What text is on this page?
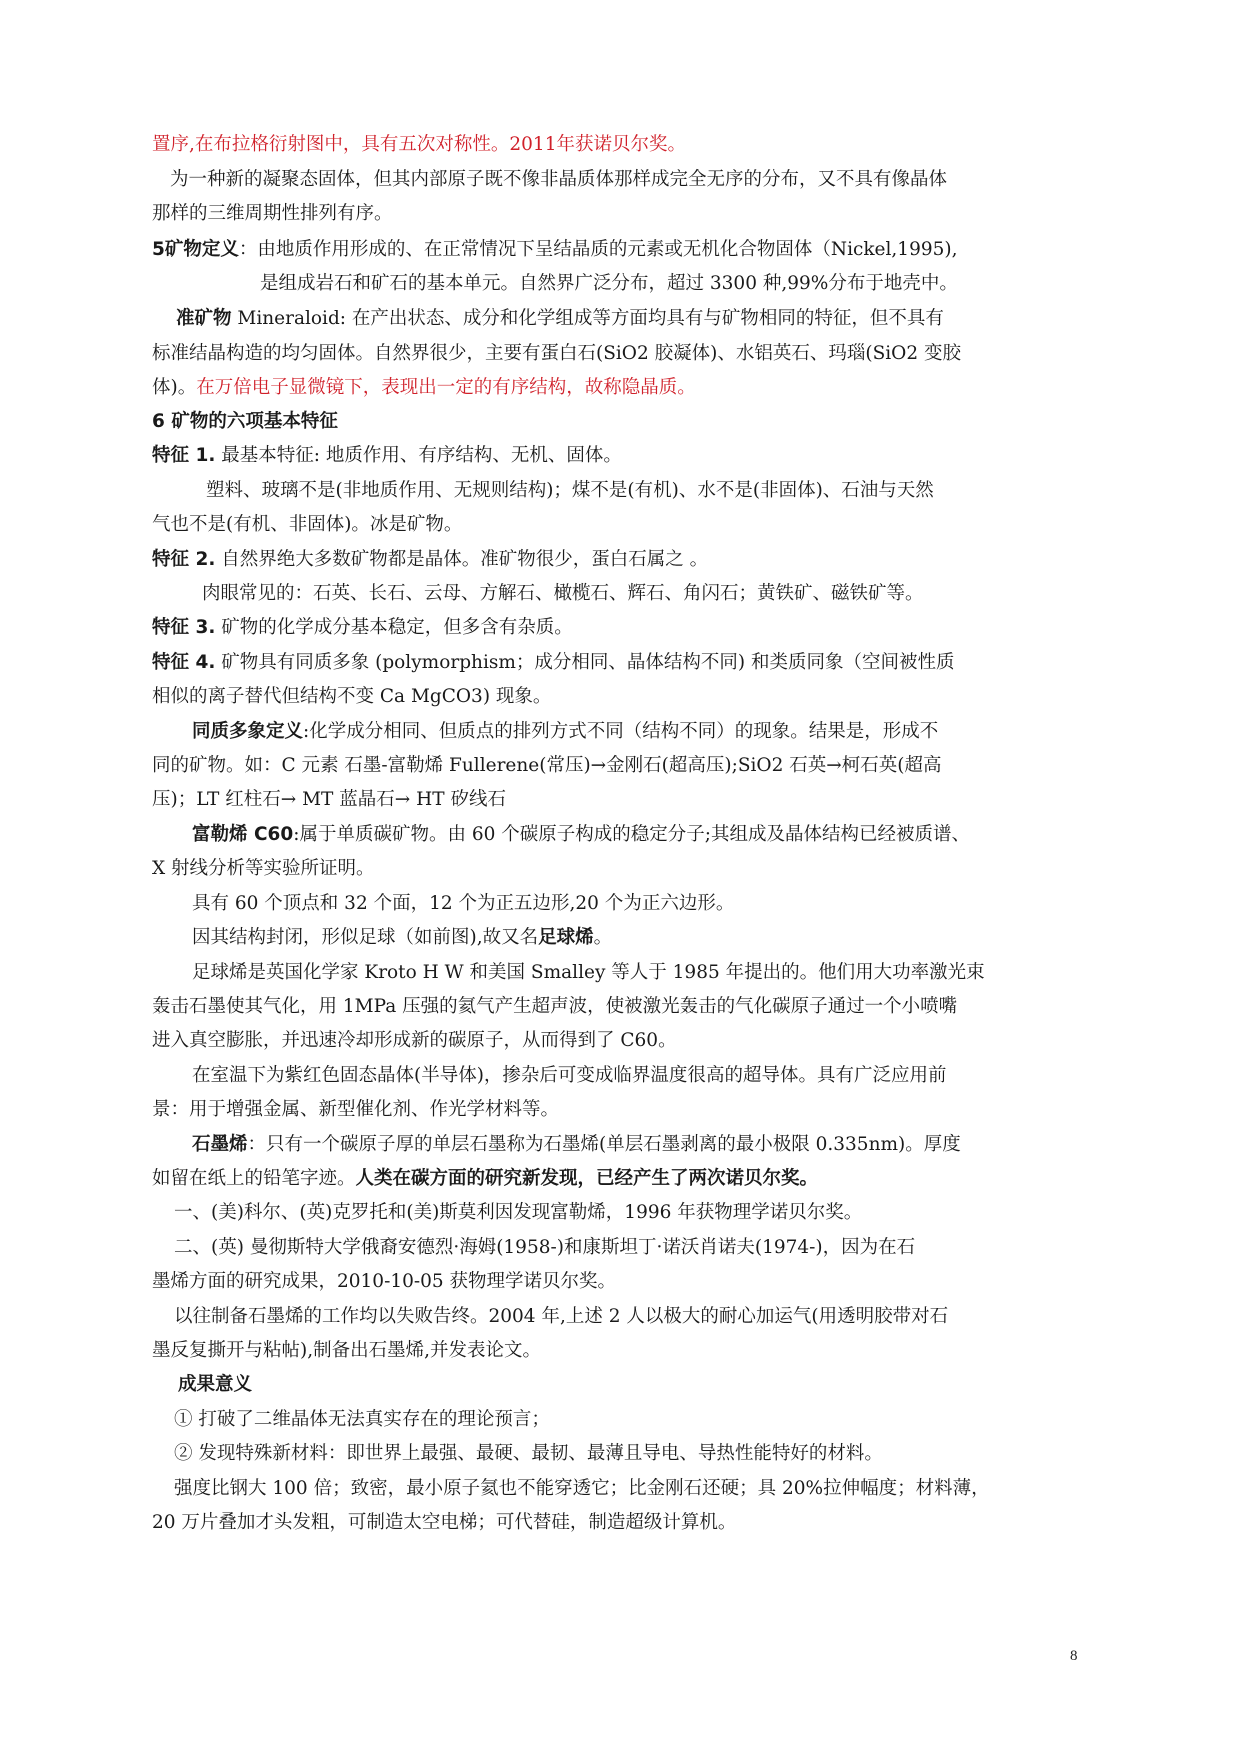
置序,在布拉格衍射图中，具有五次对称性。2011年获诺贝尔奖。
为一种新的凝聚态固体，但其内部原子既不像非晶质体那样成完全无序的分布，又不具有像晶体
那样的三维周期性排列有序。
5矿物定义：由地质作用形成的、在正常情况下呈结晶质的元素或无机化合物固体（Nickel,1995),
是组成岩石和矿石的基本单元。自然界广泛分布，超过 3300 种,99%分布于地壳中。
准矿物 Mineraloid: 在产出状态、成分和化学组成等方面均具有与矿物相同的特征，但不具有
标准结晶构造的均匀固体。自然界很少，主要有蛋白石(SiO2 胶凝体)、水铝英石、玛瑙(SiO2 变胶
体)。在万倍电子显微镜下，表现出一定的有序结构，故称隐晶质。
6 矿物的六项基本特征
特征 1. 最基本特征: 地质作用、有序结构、无机、固体。
塑料、玻璃不是(非地质作用、无规则结构)；煤不是(有机)、水不是(非固体)、石油与天然
气也不是(有机、非固体)。冰是矿物。
特征 2. 自然界绝大多数矿物都是晶体。准矿物很少，蛋白石属之 。
肉眼常见的：石英、长石、云母、方解石、橄榄石、辉石、角闪石；黄铁矿、磁铁矿等。
特征 3. 矿物的化学成分基本稳定，但多含有杂质。
特征 4. 矿物具有同质多象 (polymorphism；成分相同、晶体结构不同) 和类质同象（空间被性质
相似的离子替代但结构不变 Ca MgCO3) 现象。
同质多象定义:化学成分相同、但质点的排列方式不同（结构不同）的现象。结果是，形成不
同的矿物。如：C 元素 石墨-富勒烯 Fullerene(常压)→金刚石(超高压);SiO2 石英→柯石英(超高
压)；LT 红柱石→ MT 蓝晶石→ HT 矽线石
富勒烯 C60:属于单质碳矿物。由 60 个碳原子构成的稳定分子;其组成及晶体结构已经被质谱、
X 射线分析等实验所证明。
具有 60 个顶点和 32 个面，12 个为正五边形,20 个为正六边形。
因其结构封闭，形似足球（如前图),故又名足球烯。
足球烯是英国化学家 Kroto H W 和美国 Smalley 等人于 1985 年提出的。他们用大功率激光束
轰击石墨使其气化，用 1MPa 压强的氦气产生超声波，使被激光轰击的气化碳原子通过一个小喷嘴
进入真空膨胀，并迅速冷却形成新的碳原子，从而得到了 C60。
在室温下为紫红色固态晶体(半导体)，掺杂后可变成临界温度很高的超导体。具有广泛应用前
景：用于增强金属、新型催化剂、作光学材料等。
石墨烯：只有一个碳原子厚的单层石墨称为石墨烯(单层石墨剥离的最小极限 0.335nm)。厚度
如留在纸上的铅笔字迹。人类在碳方面的研究新发现，已经产生了两次诺贝尔奖。
一、(美)科尔、(英)克罗托和(美)斯莫利因发现富勒烯，1996 年获物理学诺贝尔奖。
二、(英) 曼彻斯特大学俄裔安德烈·海姆(1958-)和康斯坦丁·诺沃肖诺夫(1974-)，因为在石
墨烯方面的研究成果，2010-10-05 获物理学诺贝尔奖。
以往制备石墨烯的工作均以失败告终。2004 年,上述 2 人以极大的耐心加运气(用透明胶带对石
墨反复撕开与粘帖),制备出石墨烯,并发表论文。
成果意义
① 打破了二维晶体无法真实存在的理论预言；
② 发现特殊新材料：即世界上最强、最硬、最韧、最薄且导电、导热性能特好的材料。
强度比钢大 100 倍；致密，最小原子氦也不能穿透它；比金刚石还硬；具 20%拉伸幅度；材料薄，
20 万片叠加才头发粗，可制造太空电梯；可代替硅，制造超级计算机。
8
